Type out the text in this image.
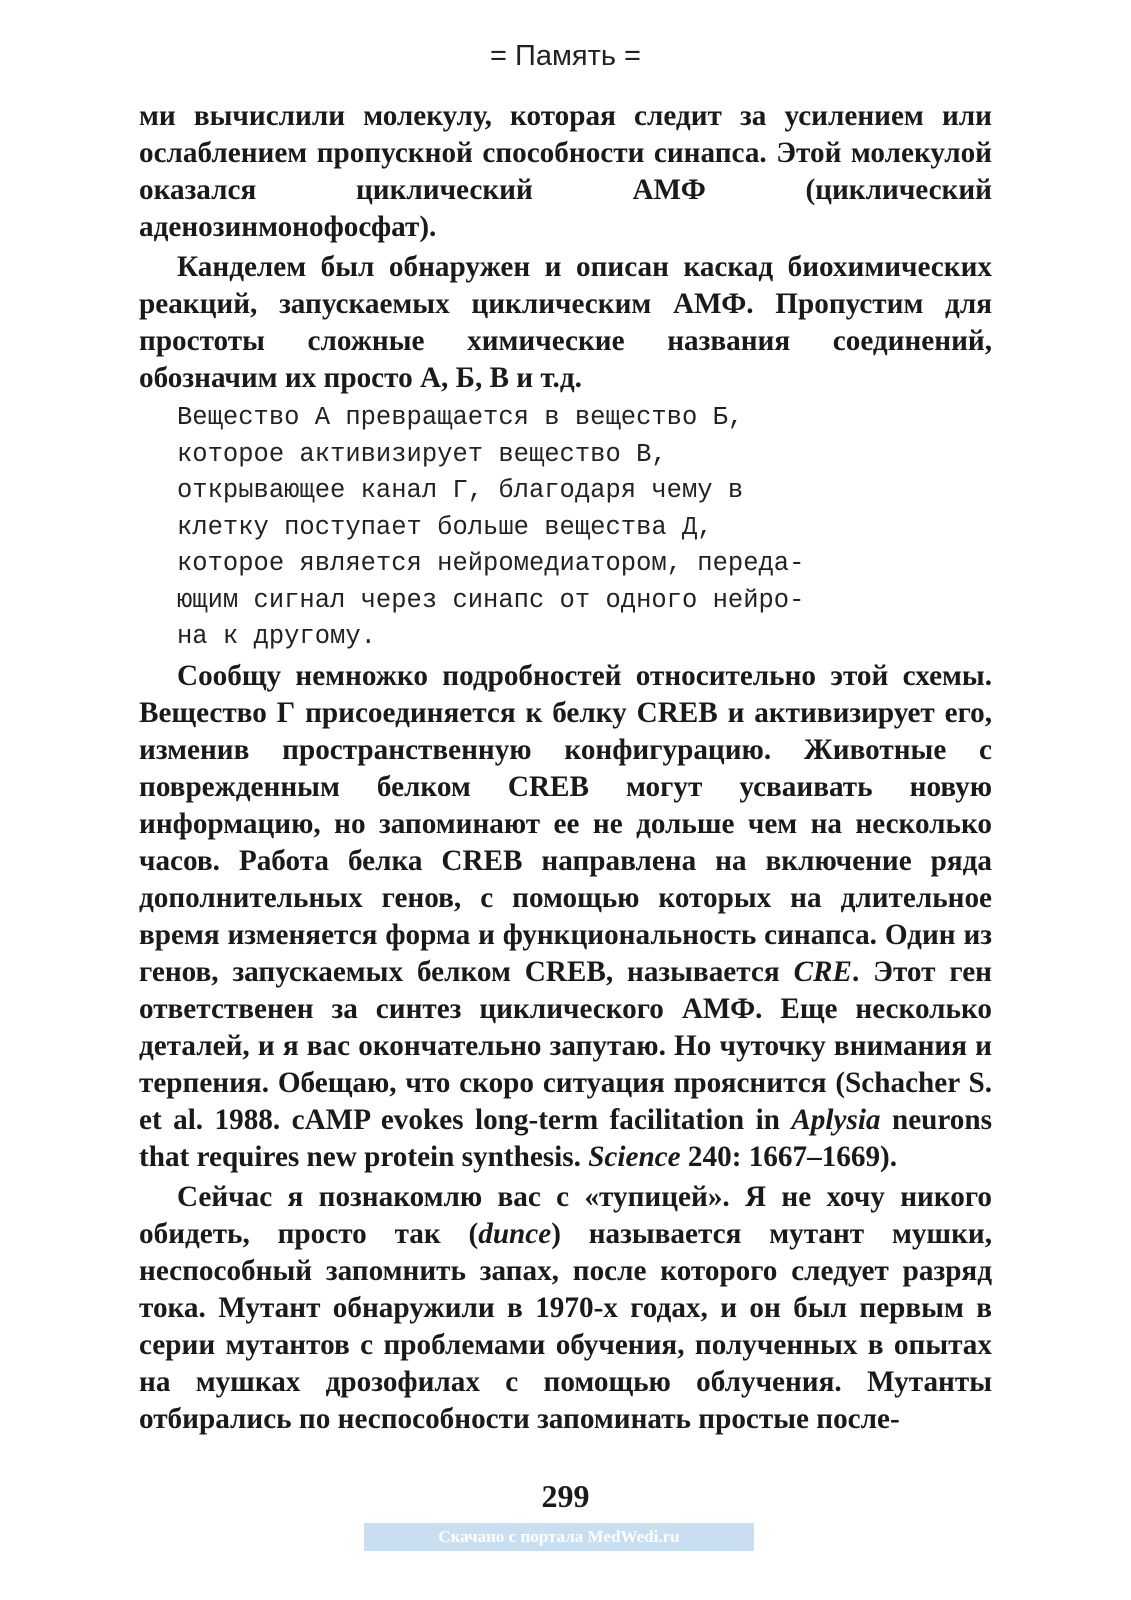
= Память =

ми вычислили молекулу, которая следит за усилением или ослаблением пропускной способности синапса. Этой молекулой оказался циклический АМФ (циклический аденозинмонофосфат).

Канделем был обнаружен и описан каскад биохимических реакций, запускаемых циклическим АМФ. Пропустим для простоты сложные химические названия соединений, обозначим их просто А, Б, В и т.д.

Вещество А превращается в вещество Б,
которое активизирует вещество В,
открывающее канал Г, благодаря чему в
клетку поступает больше вещества Д,
которое является нейромедиатором, переда-
ющим сигнал через синапс от одного нейро-
на к другому.

Сообщу немножко подробностей относительно этой схемы. Вещество Г присоединяется к белку CREB и активизирует его, изменив пространственную конфигурацию. Животные с поврежденным белком CREB могут усваивать новую информацию, но запоминают ее не дольше чем на несколько часов. Работа белка CREB направлена на включение ряда дополнительных генов, с помощью которых на длительное время изменяется форма и функциональность синапса. Один из генов, запускаемых белком CREB, называется CRE. Этот ген ответственен за синтез циклического АМФ. Еще несколько деталей, и я вас окончательно запутаю. Но чуточку внимания и терпения. Обещаю, что скоро ситуация прояснится (Schacher S. et al. 1988. cAMP evokes long-term facilitation in Aplysia neurons that requires new protein synthesis. Science 240: 1667–1669).

Сейчас я познакомлю вас с «тупицей». Я не хочу никого обидеть, просто так (dunce) называется мутант мушки, неспособный запомнить запах, после которого следует разряд тока. Мутант обнаружили в 1970-х годах, и он был первым в серии мутантов с проблемами обучения, полученных в опытах на мушках дрозофилах с помощью облучения. Мутанты отбирались по неспособности запоминать простые после-

299
Скачано с портала MedWedi.ru
